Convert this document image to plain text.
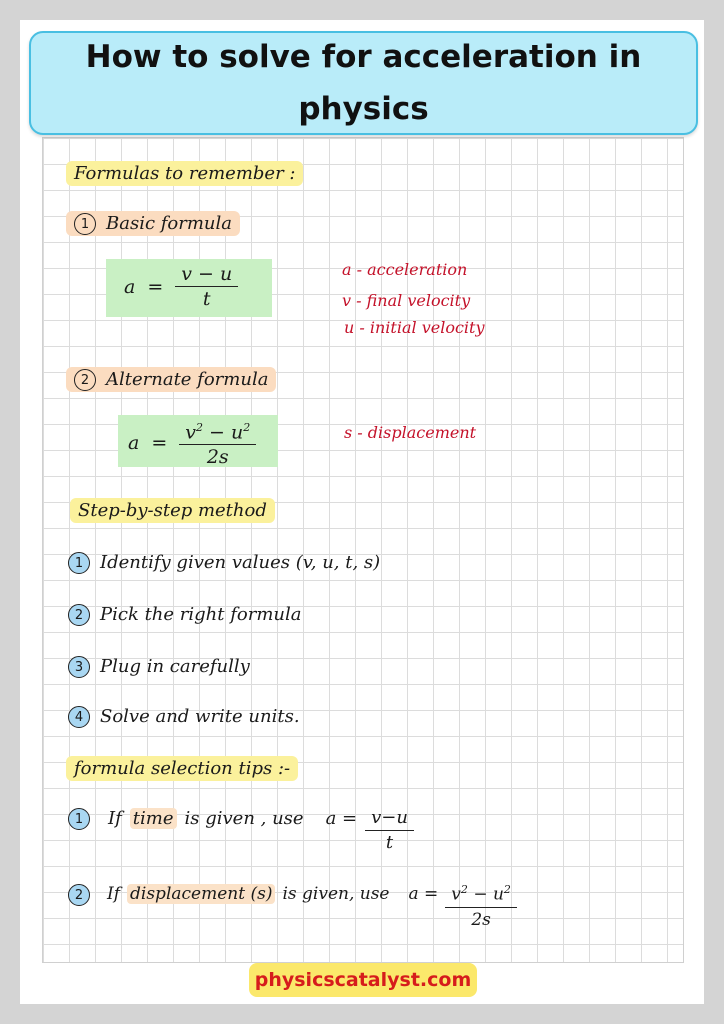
How to solve for acceleration in physics
Formulas to remember :
1 Basic formula
$a = \frac{v - u}{t}$	a - acceleration
v - final velocity
u - initial velocity
2 Alternate formula
$a = \frac{v^2 - u^2}{2s}$	s - displacement
Step-by-step method
1 Identify given values (v, u, t, s)
2 Pick the right formula
3 Plug in carefully
4 Solve and write units.
formula selection tips :-
1	If time is given , use $a = \frac{v-u}{t}$
2	If displacement (s) is given, use $a = \frac{v^2 - u^2}{2s}$
physicscatalyst.com
